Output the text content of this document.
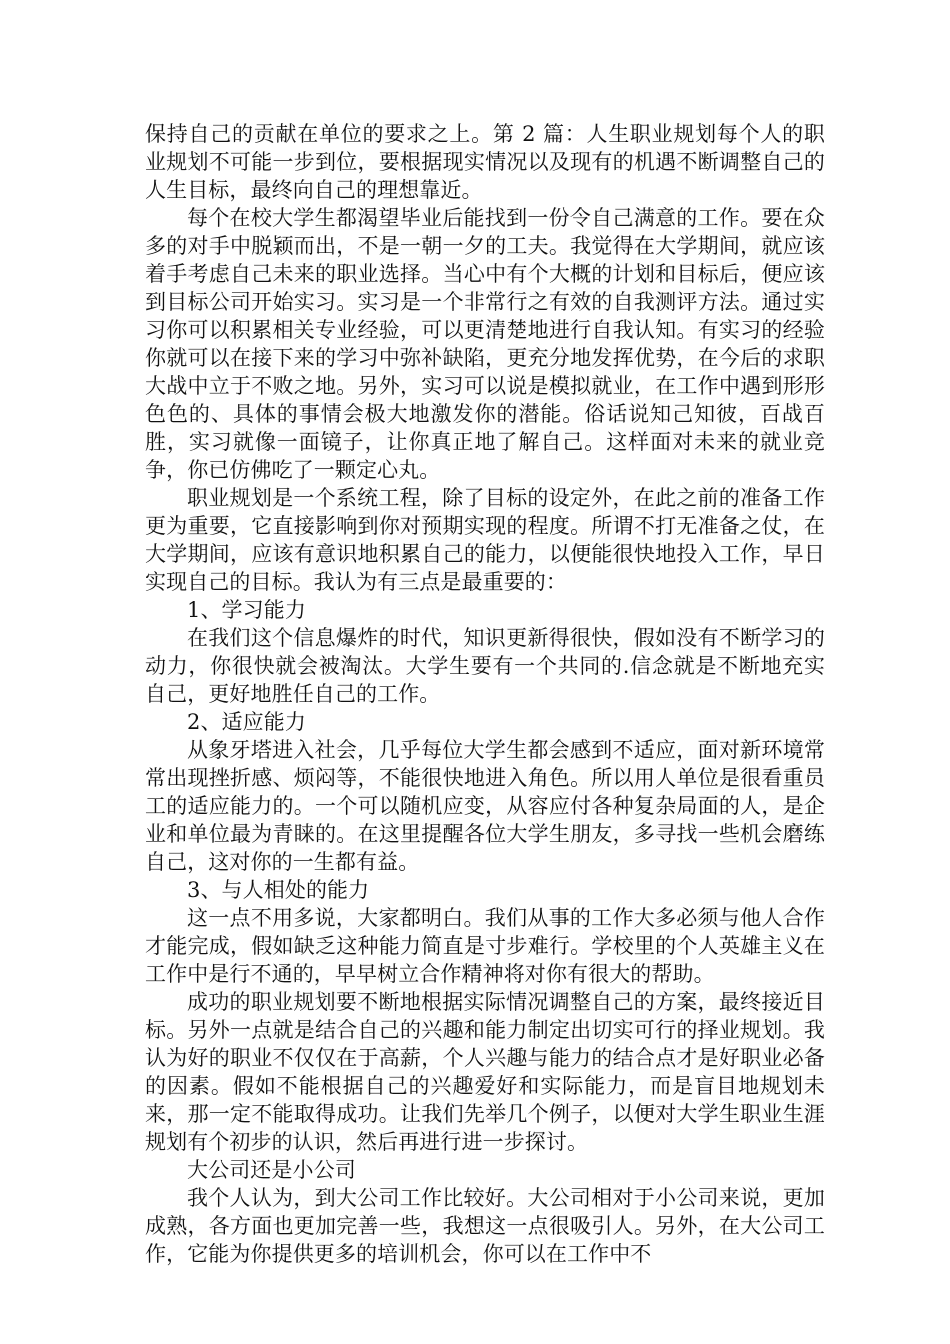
保持自己的贡献在单位的要求之上。第 2 篇：人生职业规划每个人的职业规划不可能一步到位，要根据现实情况以及现有的机遇不断调整自己的人生目标，最终向自己的理想靠近。

每个在校大学生都渴望毕业后能找到一份令自己满意的工作。要在众多的对手中脱颖而出，不是一朝一夕的工夫。我觉得在大学期间，就应该着手考虑自己未来的职业选择。当心中有个大概的计划和目标后，便应该到目标公司开始实习。实习是一个非常行之有效的自我测评方法。通过实习你可以积累相关专业经验，可以更清楚地进行自我认知。有实习的经验你就可以在接下来的学习中弥补缺陷，更充分地发挥优势，在今后的求职大战中立于不败之地。另外，实习可以说是模拟就业，在工作中遇到形形色色的、具体的事情会极大地激发你的潜能。俗话说知己知彼，百战百胜，实习就像一面镜子，让你真正地了解自己。这样面对未来的就业竞争，你已仿佛吃了一颗定心丸。

职业规划是一个系统工程，除了目标的设定外，在此之前的准备工作更为重要，它直接影响到你对预期实现的程度。所谓不打无准备之仗，在大学期间，应该有意识地积累自己的能力，以便能很快地投入工作，早日实现自己的目标。我认为有三点是最重要的：

1、学习能力

在我们这个信息爆炸的时代，知识更新得很快，假如没有不断学习的动力，你很快就会被淘汰。大学生要有一个共同的.信念就是不断地充实自己，更好地胜任自己的工作。

2、适应能力

从象牙塔进入社会，几乎每位大学生都会感到不适应，面对新环境常常出现挫折感、烦闷等，不能很快地进入角色。所以用人单位是很看重员工的适应能力的。一个可以随机应变，从容应付各种复杂局面的人，是企业和单位最为青睐的。在这里提醒各位大学生朋友，多寻找一些机会磨练自己，这对你的一生都有益。

3、与人相处的能力

这一点不用多说，大家都明白。我们从事的工作大多必须与他人合作才能完成，假如缺乏这种能力简直是寸步难行。学校里的个人英雄主义在工作中是行不通的，早早树立合作精神将对你有很大的帮助。

成功的职业规划要不断地根据实际情况调整自己的方案，最终接近目标。另外一点就是结合自己的兴趣和能力制定出切实可行的择业规划。我认为好的职业不仅仅在于高薪，个人兴趣与能力的结合点才是好职业必备的因素。假如不能根据自己的兴趣爱好和实际能力，而是盲目地规划未来，那一定不能取得成功。让我们先举几个例子，以便对大学生职业生涯规划有个初步的认识，然后再进行进一步探讨。

大公司还是小公司

我个人认为，到大公司工作比较好。大公司相对于小公司来说，更加成熟，各方面也更加完善一些，我想这一点很吸引人。另外，在大公司工作，它能为你提供更多的培训机会，你可以在工作中不
